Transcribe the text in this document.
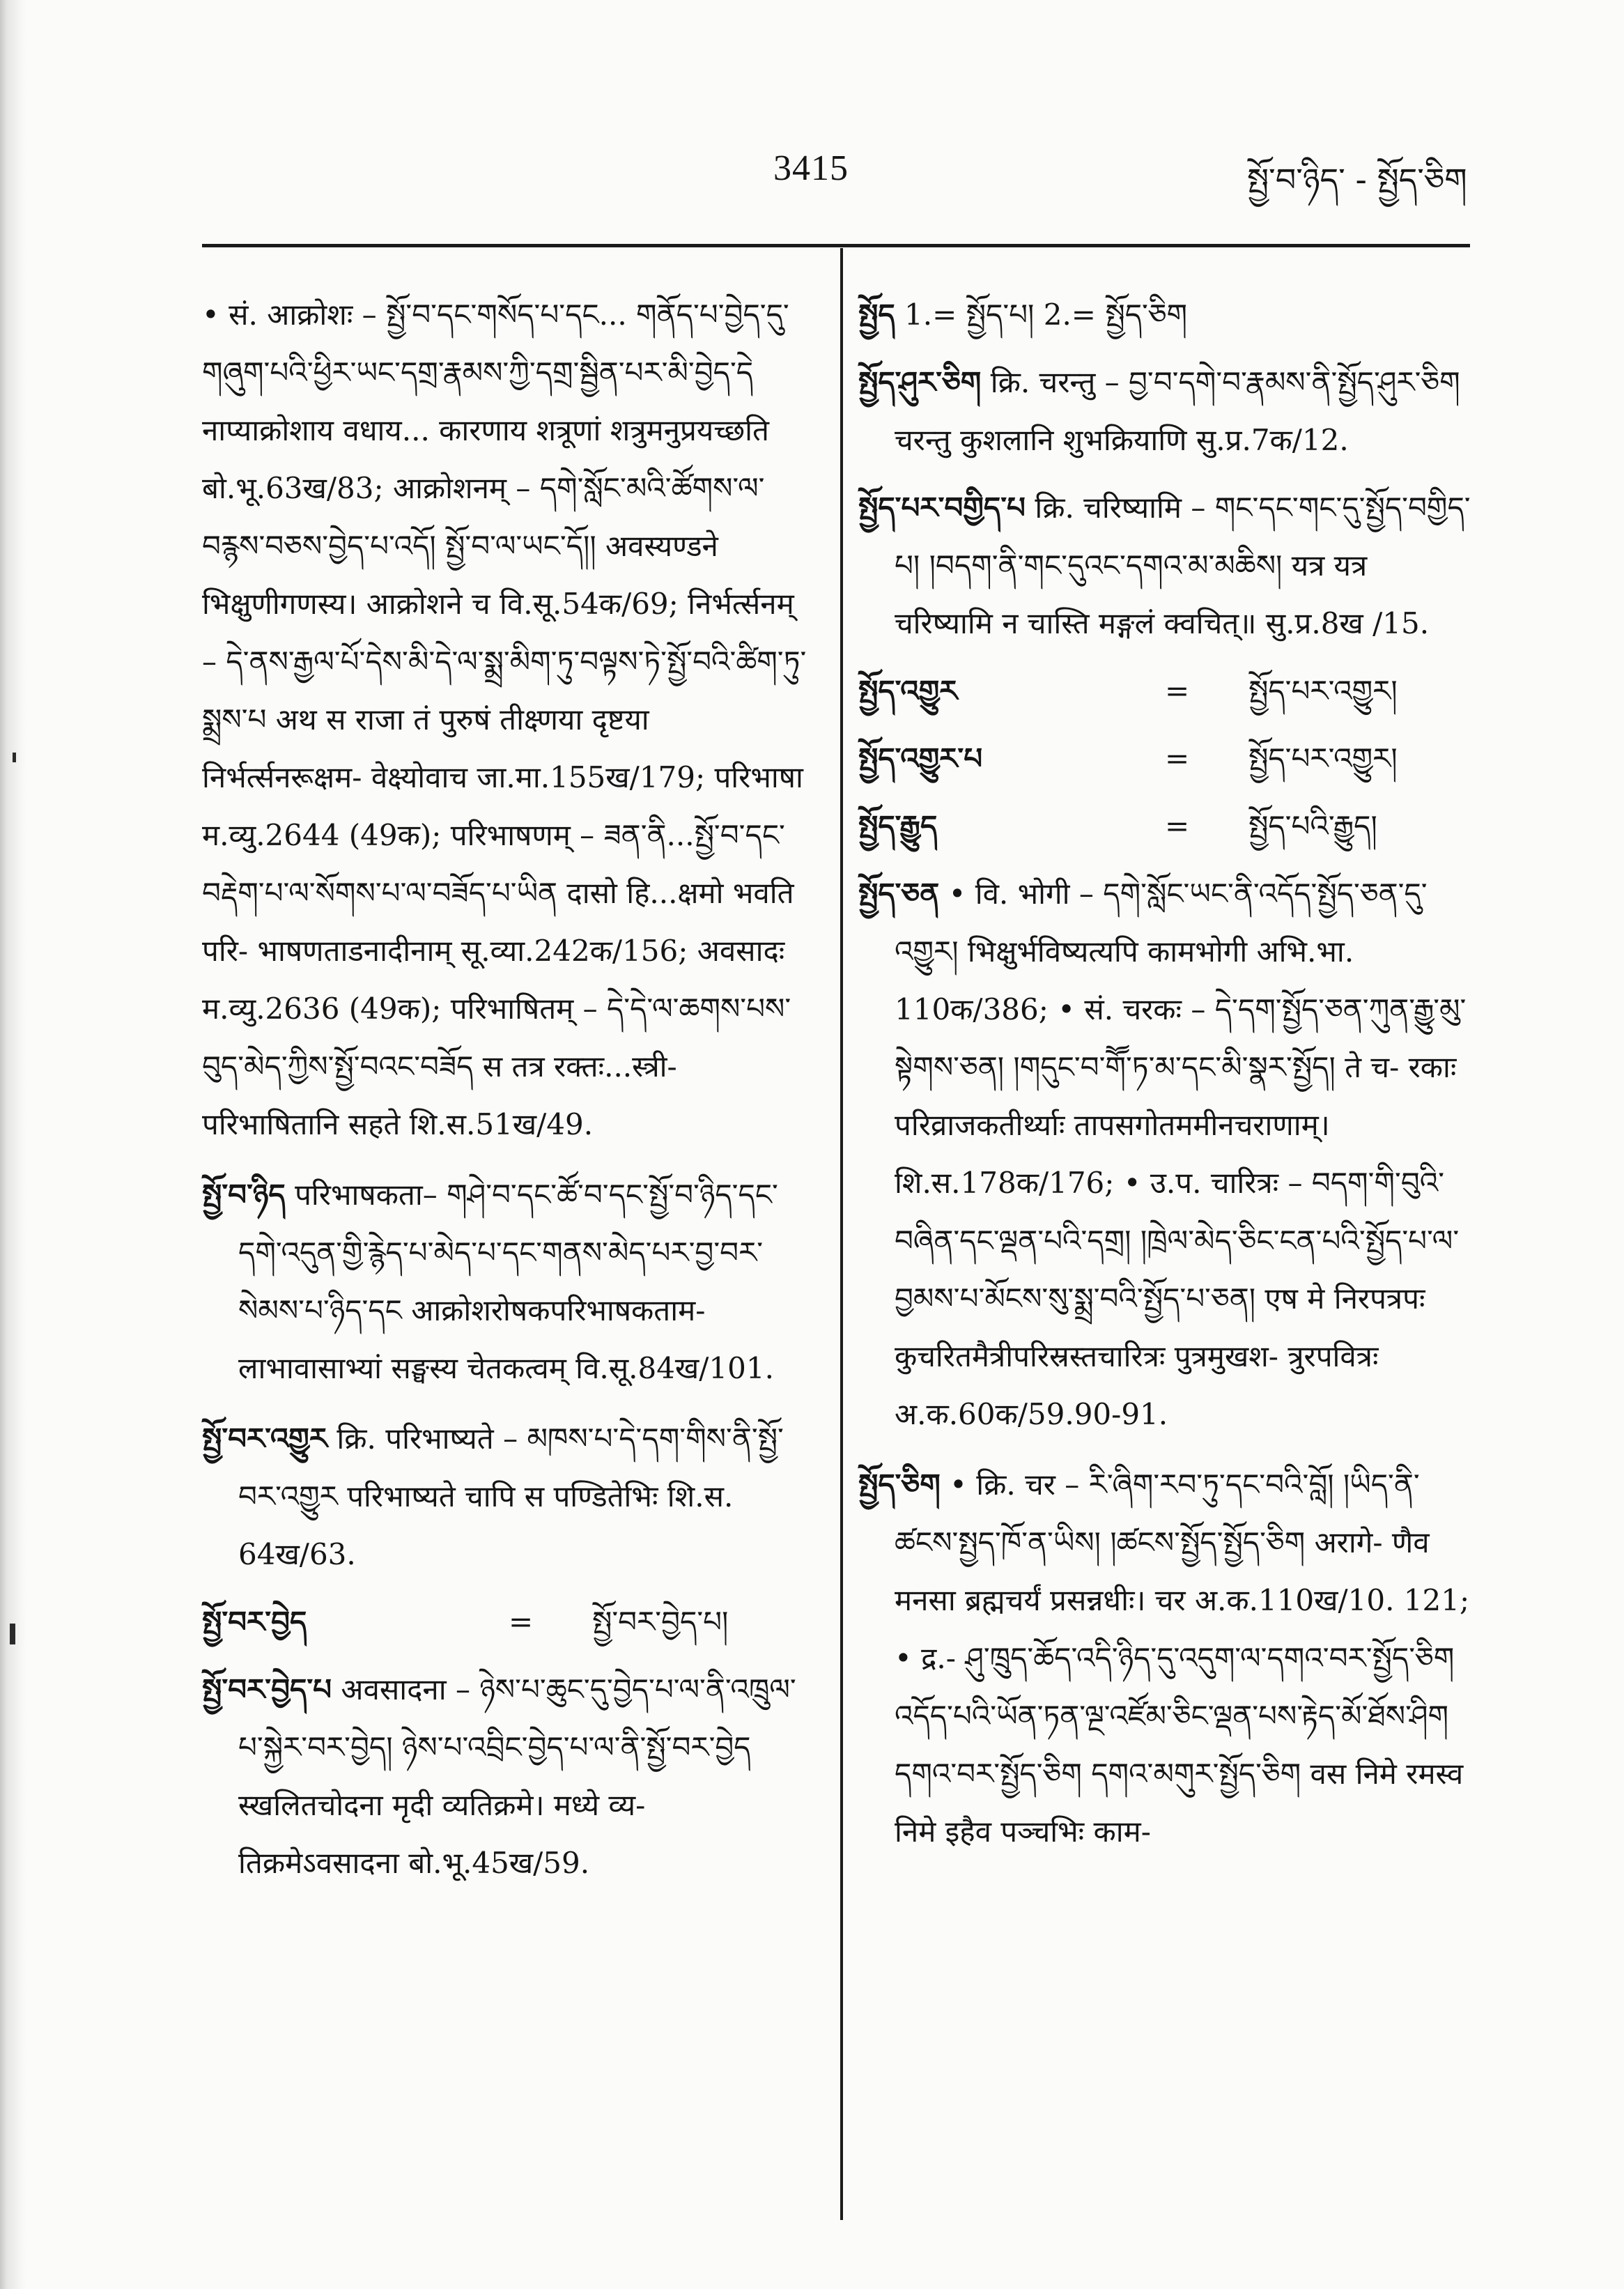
3415	སྤྱོ་བ་ཉིད་ - སྤྱོད་ཅིག

• सं. आक्रोशः – སྤྱོ་བ་དང་གསོད་པ་དང... གནོད་པ་བྱེད་དུ་གཞུག་པའི་ཕྱིར་ཡང་དགྲ་རྣམས་ཀྱི་དགྲ་སྦྱིན་པར་མི་བྱེད་དེ नाप्याक्रोशाय वधाय... कारणाय शत्रूणां शत्रुमनुप्रयच्छति बो.भू.63ख/83; आक्रोशनम् – དགེ་སློང་མའི་ཚོགས་ལ་བརྙས་བཅས་བྱེད་པ་འདོ། སྤྱོ་བ་ལ་ཡང་དོ།། अवस्यण्डने भिक्षुणीगणस्य। आक्रोशने च वि.सू.54क/69; निर्भर्त्सनम् – དེ་ནས་རྒྱལ་པོ་དེས་མི་དེ་ལ་སྨྲ་མིག་ཏུ་བལྟས་ཏེ་སྤྱོ་བའི་ཚིག་ཏུ་སྨྲས་པ अथ स राजा तं पुरुषं तीक्ष्णया दृष्टया निर्भर्त्सनरूक्षम- वेक्ष्योवाच जा.मा.155ख/179; परिभाषा म.व्यु.2644 (49क); परिभाषणम् – ཟན་ནི...སྤྱོ་བ་དང་བརྡེག་པ་ལ་སོགས་པ་ལ་བཟོད་པ་ཡིན दासो हि...क्षमो भवति परि- भाषणताडनादीनाम् सू.व्या.242क/156; अवसादः म.व्यु.2636 (49क); परिभाषितम् – དེ་དེ་ལ་ཆགས་པས་བུད་མེད་ཀྱིས་སྤྱོ་བའང་བཟོད स तत्र रक्तः...स्त्री- परिभाषितानि सहते शि.स.51ख/49.

སྤྱོ་བ་ཉིད परिभाषकता– གཤེ་བ་དང་ཚོ་བ་དང་སྤྱོ་བ་ཉིད་དང་དགེ་འདུན་གྱི་རྙེད་པ་མེད་པ་དང་གནས་མེད་པར་བྱ་བར་སེམས་པ་ཉིད་དང आक्रोशरोषकपरिभाषकताम- लाभावासाभ्यां सङ्घस्य चेतकत्वम् वि.सू.84ख/101.

སྤྱོ་བར་འགྱུར क्रि. परिभाष्यते – མཁས་པ་དེ་དག་གིས་ནི་སྤྱོ་བར་འགྱུར परिभाष्यते चापि स पण्डितेभिः शि.स. 64ख/63.

སྤྱོ་བར་བྱེད	=	སྤྱོ་བར་བྱེད་པ།

སྤྱོ་བར་བྱེད་པ अवसादना – ཉེས་པ་ཆུང་དུ་བྱེད་པ་ལ་ནི་འཁྲུལ་པ་སྐྱེར་བར་བྱེད། ཉེས་པ་འབྲིང་བྱེད་པ་ལ་ནི་སྤྱོ་བར་བྱེད स्खलितचोदना मृदी व्यतिक्रमे। मध्ये व्य- तिक्रमेऽवसादना बो.भू.45ख/59.

སྤྱོད 1.= སྤྱོད་པ། 2.= སྤྱོད་ཅིག

སྤྱོད་ཤུར་ཅིག क्रि. चरन्तु – བྱ་བ་དགེ་བ་རྣམས་ནི་སྤྱོད་ཤུར་ཅིག चरन्तु कुशलानि शुभक्रियाणि सु.प्र.7क/12.

སྤྱོད་པར་བགྱིད་པ क्रि. चरिष्यामि – གང་དང་གང་དུ་སྤྱོད་བགྱིད་པ། །བདག་ནི་གང་དུའང་དགའ་མ་མཆིས། यत्र यत्र चरिष्यामि न चास्ति मङ्गलं क्वचित्॥ सु.प्र.8ख /15.

སྤྱོད་འགྱུར	=	སྤྱོད་པར་འགྱུར།
སྤྱོད་འགྱུར་པ	=	སྤྱོད་པར་འགྱུར།
སྤྱོད་རྒྱུད	=	སྤྱོད་པའི་རྒྱུད།

སྤྱོད་ཅན • वि. भोगी – དགེ་སློང་ཡང་ནི་འདོད་སྤྱོད་ཅན་དུ་འགྱུར། भिक्षुर्भविष्यत्यपि कामभोगी अभि.भा. 110क/386; • सं. चरकः – དེ་དག་སྤྱོད་ཅན་ཀུན་རྒྱུ་མུ་སྟེགས་ཅན། །གདུང་བ་གཽ་ཏ་མ་དང་མི་སྣར་སྤྱོད། ते च- रकाः परिव्राजकतीर्थ्याः तापसगोतममीनचराणाम्। शि.स.178क/176; • उ.प. चारित्रः – བདག་གི་བུའི་བཞིན་དང་ལྡན་པའི་དགྲ། །ཁྲེལ་མེད་ཅིང་ངན་པའི་སྤྱོད་པ་ལ་བྱམས་པ་མོངས་སུ་སྨྲ་བའི་སྤྱོད་པ་ཅན། एष मे निरपत्रपः कुचरितमैत्रीपरिस्रस्तचारित्रः पुत्रमुखश- त्रुरपवित्रः अ.क.60क/59.90-91.

སྤྱོད་ཅིག • क्रि. चर – རི་ཞིག་རབ་ཏུ་དང་བའི་བློ། །ཡིད་ནི་ཚངས་སྤྱད་ཁོ་ན་ཡིས། །ཚངས་སྤྱོད་སྤྱོད་ཅིག अरागे- णैव मनसा ब्रह्मचर्यं प्रसन्नधीः। चर अ.क.110ख/10. 121; • द्र.- ཤུ་ཁྲུད་ཆོད་འདི་ཉིད་དུ་འདུག་ལ་དགའ་བར་སྤྱོད་ཅིག འདོད་པའི་ཡོན་ཏན་ལྔ་འཛོམ་ཅིང་ལྡན་པས་རྟེད་མོ་ཐོས་ཤིག དགའ་བར་སྤྱོད་ཅིག དགའ་མགུར་སྤྱོད་ཅིག वस निमे रमस्व निमे इहैव पञ्चभिः काम-
